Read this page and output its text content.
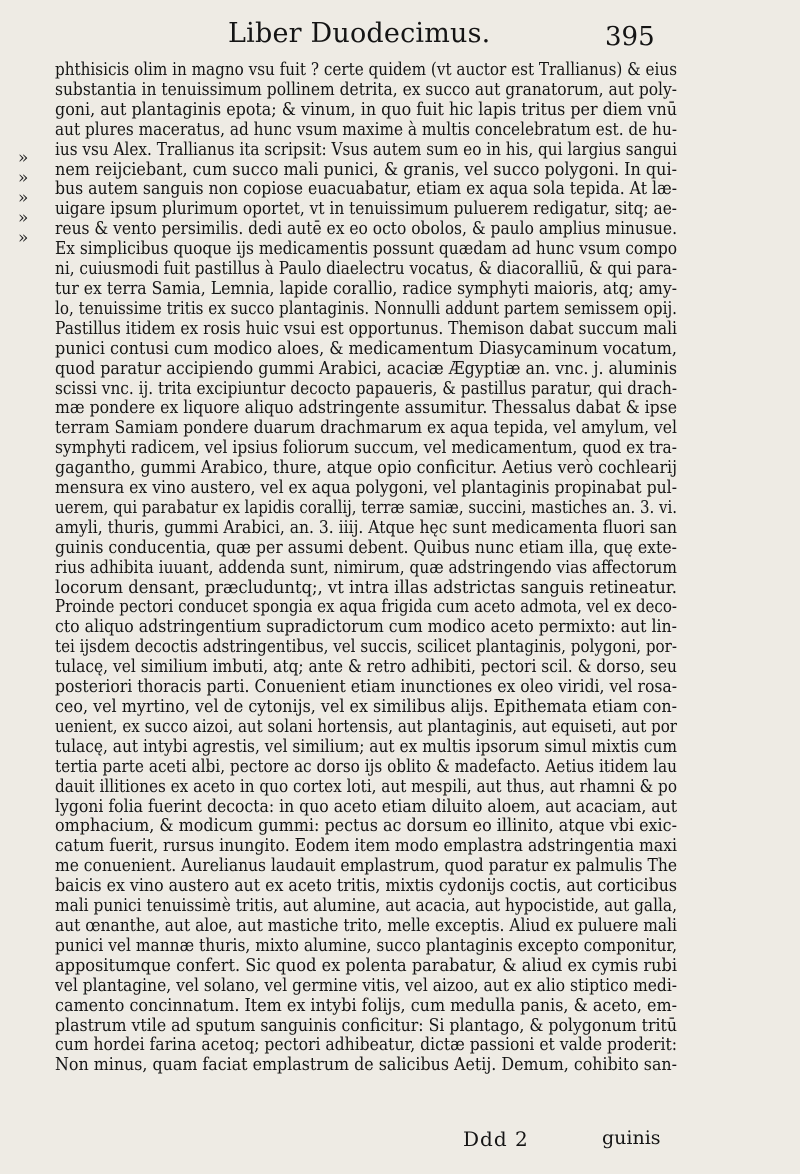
Liber Duodecimus.	395
»
»
»
»
»
phthisicis olim in magno vsu fuit ? certe quidem (vt auctor est Trallianus) & eius
substantia in tenuissimum pollinem detrita, ex succo aut granatorum, aut poly-
goni, aut plantaginis epota; & vinum, in quo fuit hic lapis tritus per diem vnū
aut plures maceratus, ad hunc vsum maxime à multis concelebratum est. de hu-
ius vsu Alex. Trallianus ita scripsit: Vsus autem sum eo in his, qui largius sangui
nem reijciebant, cum succo mali punici, & granis, vel succo polygoni. In qui-
bus autem sanguis non copiose euacuabatur, etiam ex aqua sola tepida. At læ-
uigare ipsum plurimum oportet, vt in tenuissimum puluerem redigatur, sitq; ae-
reus & vento persimilis. dedi autē ex eo octo obolos, & paulo amplius minusue.
Ex simplicibus quoque ijs medicamentis possunt quædam ad hunc vsum compo
ni, cuiusmodi fuit pastillus à Paulo diaelectru vocatus, & diacoralliū, & qui para-
tur ex terra Samia, Lemnia, lapide corallio, radice symphyti maioris, atq; amy-
lo, tenuissime tritis ex succo plantaginis. Nonnulli addunt partem semissem opij.
Pastillus itidem ex rosis huic vsui est opportunus. Themison dabat succum mali
punici contusi cum modico aloes, & medicamentum Diasycaminum vocatum,
quod paratur accipiendo gummi Arabici, acaciæ Ægyptiæ an. vnc. j. aluminis
scissi vnc. ij. trita excipiuntur decocto papaueris, & pastillus paratur, qui drach-
mæ pondere ex liquore aliquo adstringente assumitur. Thessalus dabat & ipse
terram Samiam pondere duarum drachmarum ex aqua tepida, vel amylum, vel
symphyti radicem, vel ipsius foliorum succum, vel medicamentum, quod ex tra-
gaganthο, gummi Arabico, thure, atque opio conficitur. Aetius verò cochlearij
mensura ex vino austero, vel ex aqua polygoni, vel plantaginis propinabat pul-
uerem, qui parabatur ex lapidis corallij, terræ samiæ, succini, mastiches an. 3. vi.
amyli, thuris, gummi Arabici, an. 3. iiij. Atque hęc sunt medicamenta fluori san
guinis conducentia, quæ per assumi debent. Quibus nunc etiam illa, quę exte-
rius adhibita iuuant, addenda sunt, nimirum, quæ adstringendo vias affectorum
locorum densant, præcluduntq;, vt intra illas adstrictas sanguis retineatur.
Proinde pectori conducet spongia ex aqua frigida cum aceto admota, vel ex deco-
cto aliquo adstringentium supradictorum cum modico aceto permixto: aut lin-
tei ijsdem decoctis adstringentibus, vel succis, scilicet plantaginis, polygoni, por-
tulacę, vel similium imbuti, atq; ante & retro adhibiti, pectori scil. & dorso, seu
posteriori thoracis parti. Conuenient etiam inunctiones ex oleo viridi, vel rosa-
ceo, vel myrtino, vel de cytonijs, vel ex similibus alijs. Epithemata etiam con-
uenient, ex succo aizoi, aut solani hortensis, aut plantaginis, aut equiseti, aut por
tulacę, aut intybi agrestis, vel similium; aut ex multis ipsorum simul mixtis cum
tertia parte aceti albi, pectore ac dorso ijs oblito & madefacto. Aetius itidem lau
dauit illitiones ex aceto in quo cortex loti, aut mespili, aut thus, aut rhamni & po
lygoni folia fuerint decocta: in quo aceto etiam diluito aloem, aut acaciam, aut
omphacium, & modicum gummi: pectus ac dorsum eo illinito, atque vbi exic-
catum fuerit, rursus inungito. Eodem item modo emplastra adstringentia maxi
me conuenient. Aurelianus laudauit emplastrum, quod paratur ex palmulis The
baicis ex vino austero aut ex aceto tritis, mixtis cydonijs coctis, aut corticibus
mali punici tenuissimè tritis, aut alumine, aut acacia, aut hypocistide, aut galla,
aut œnanthe, aut aloe, aut mastiche trito, melle exceptis. Aliud ex puluere mali
punici vel mannæ thuris, mixto alumine, succo plantaginis excepto componitur,
appositumque confert. Sic quod ex polenta parabatur, & aliud ex cymis rubi
vel plantagine, vel solano, vel germine vitis, vel aizoo, aut ex alio stiptico medi-
camento concinnatum. Item ex intybi folijs, cum medulla panis, & aceto, em-
plastrum vtile ad sputum sanguinis conficitur: Si plantago, & polygonum tritū
cum hordei farina acetoq; pectori adhibeatur, dictæ passioni et valde proderit:
Non minus, quam faciat emplastrum de salicibus Aetij. Demum, cohibito san-
Ddd 2	guinis
